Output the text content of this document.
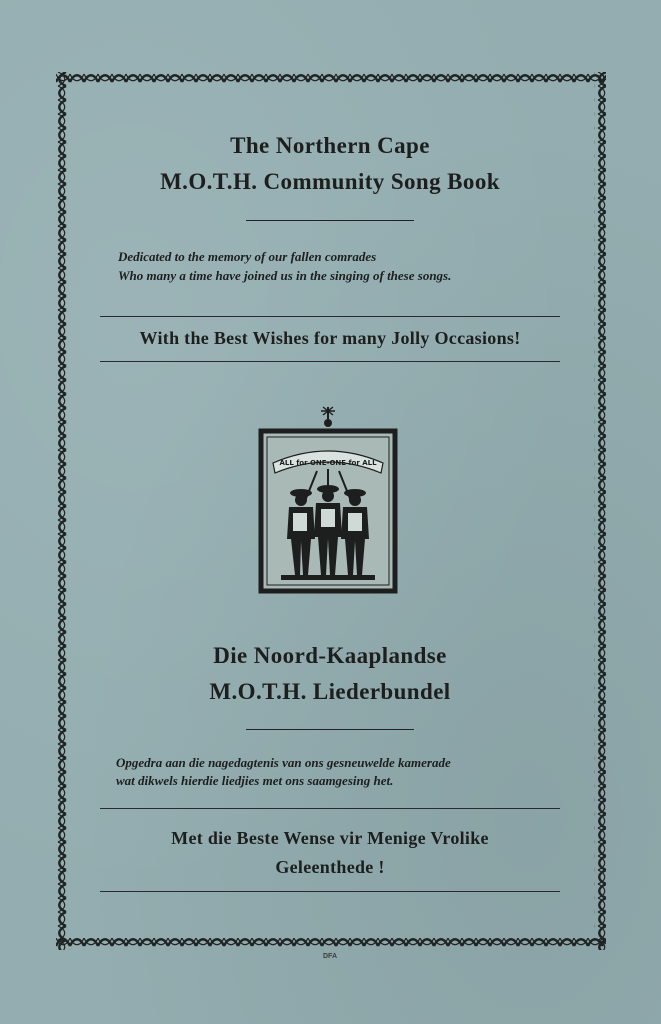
The Northern Cape
M.O.T.H. Community Song Book
Dedicated to the memory of our fallen comrades
Who many a time have joined us in the singing of these songs.
With the Best Wishes for many Jolly Occasions!
ALL for ONE-ONE for ALL
Die Noord-Kaaplandse
M.O.T.H. Liederbundel
Opgedra aan die nagedagtenis van ons gesneuwelde kamerade
wat dikwels hierdie liedjies met ons saamgesing het.
Met die Beste Wense vir Menige Vrolike
Geleenthede !
DFA
